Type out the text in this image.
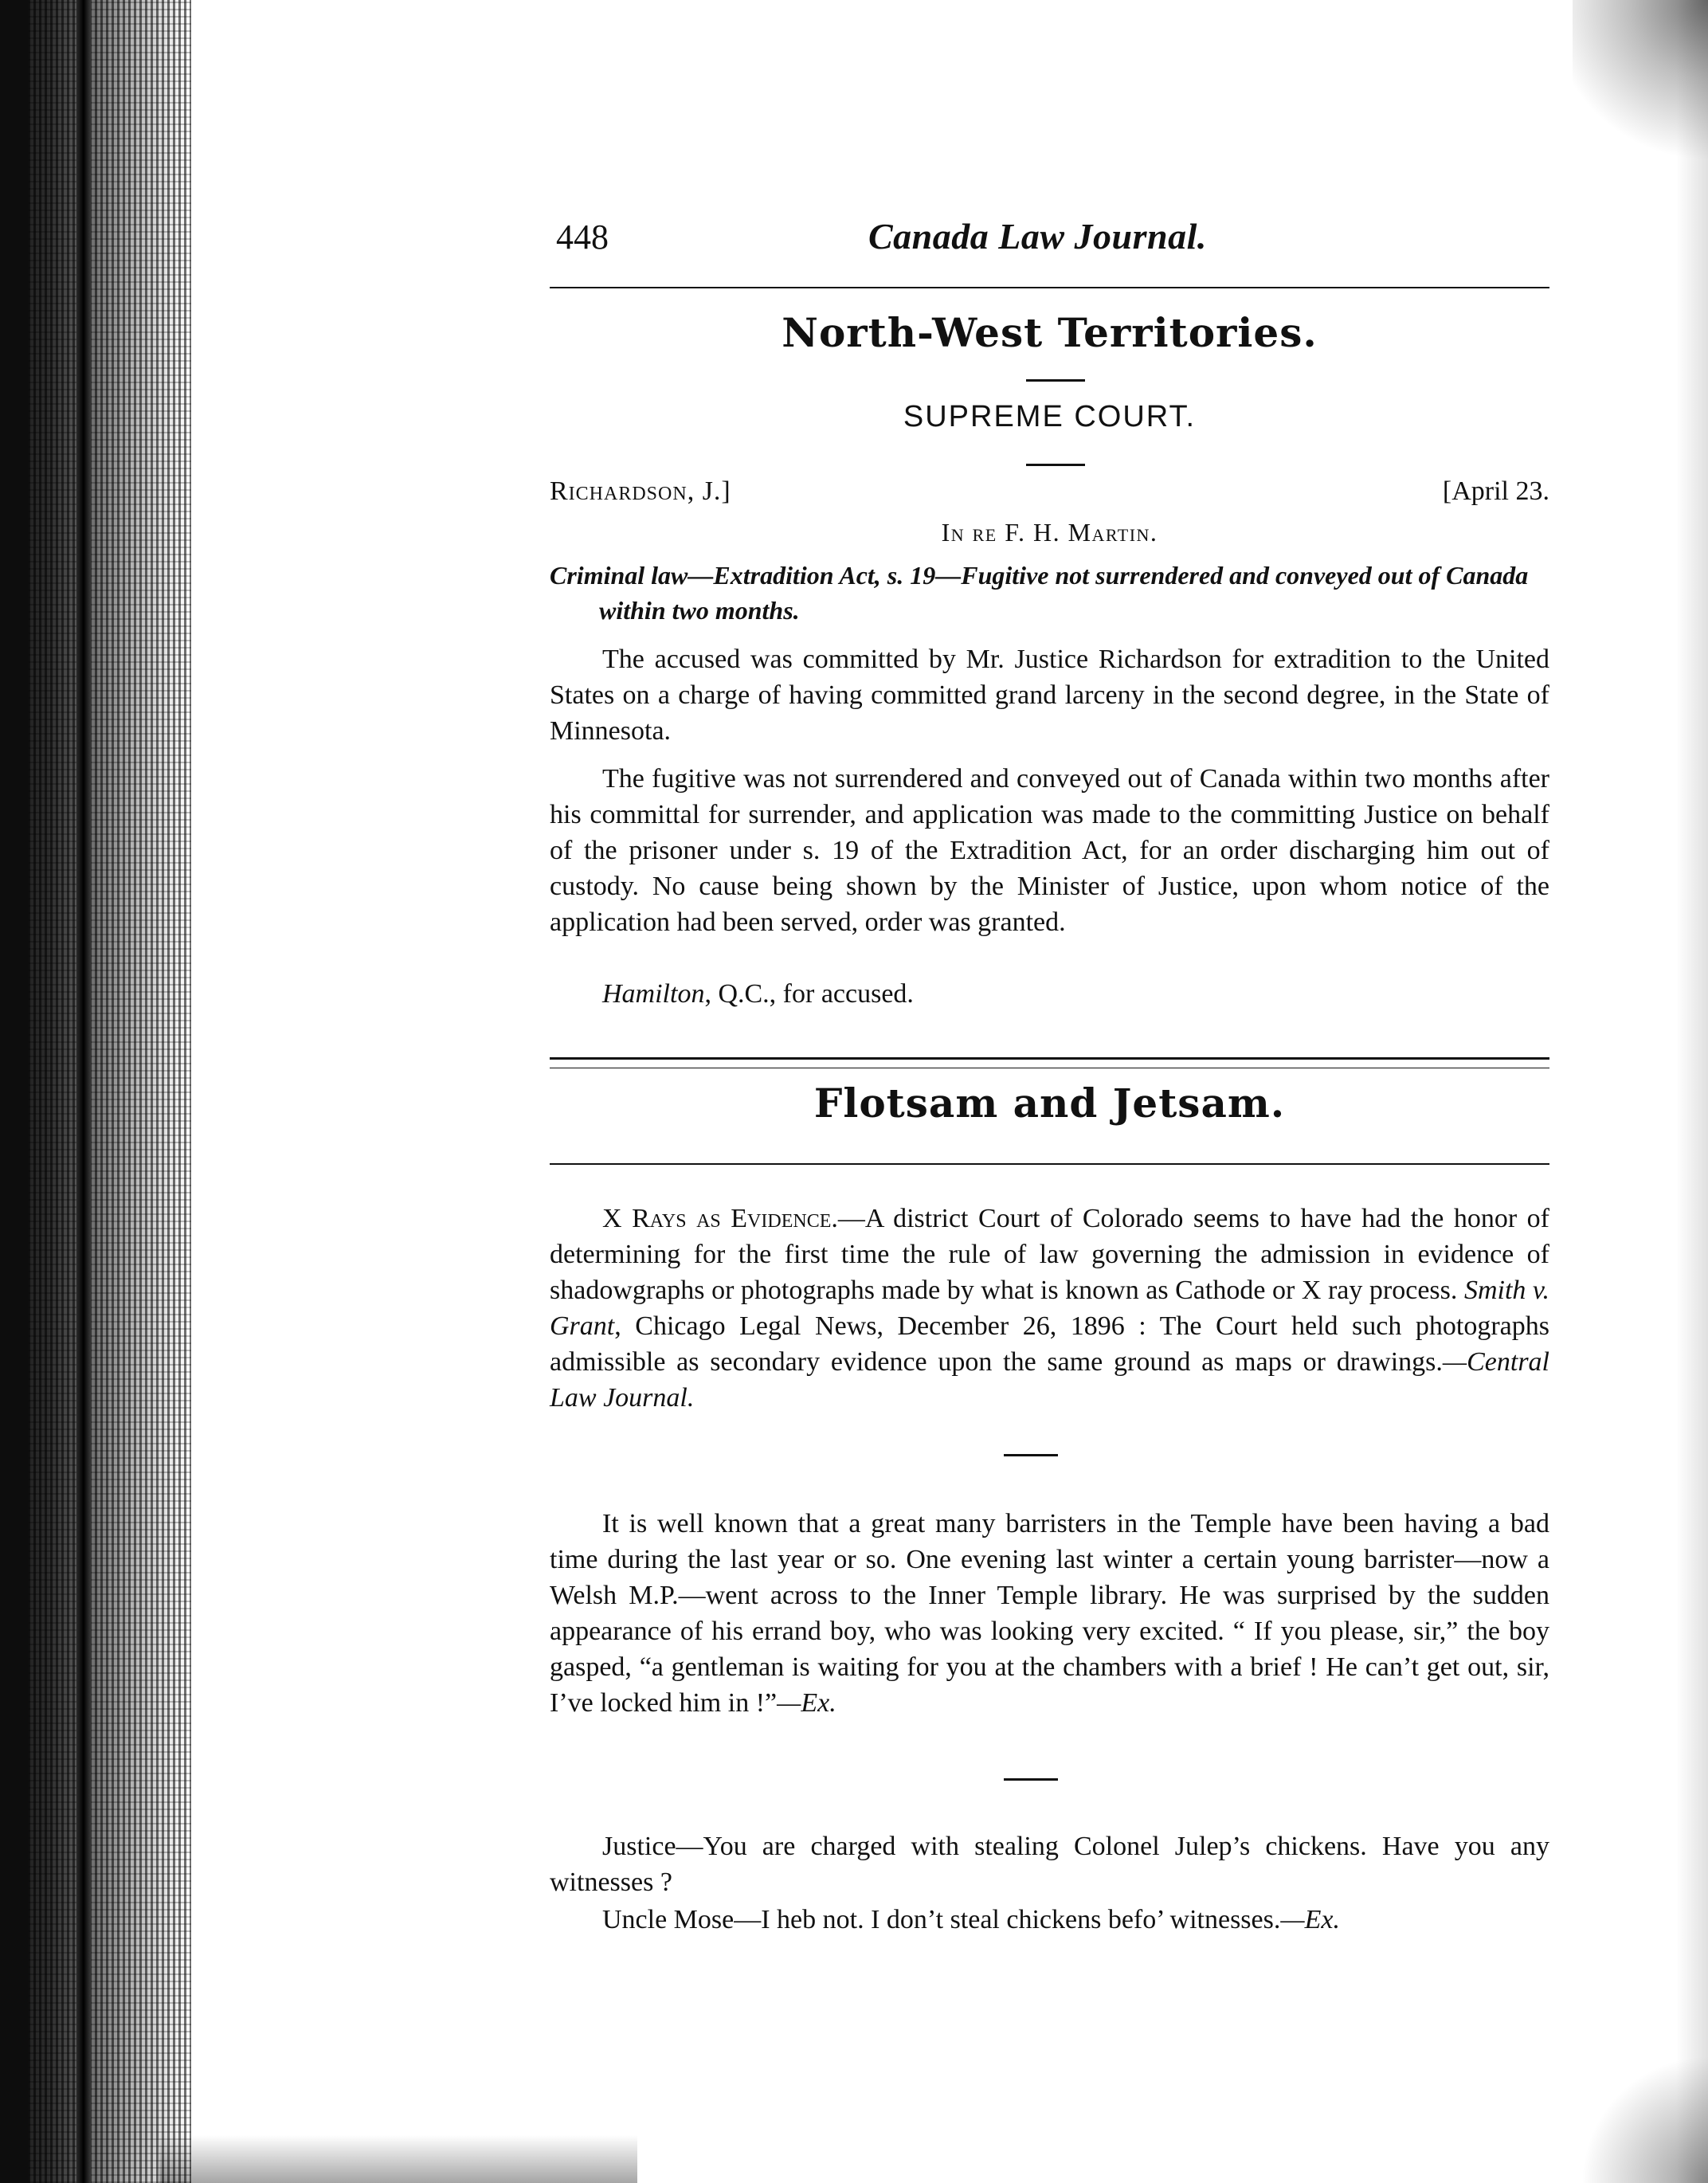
448	Canada Law Journal.
North-West Territories.
SUPREME COURT.
Richardson, J.]	[April 23.
In re F. H. Martin.
Criminal law—Extradition Act, s. 19—Fugitive not surrendered and conveyed out of Canada within two months.
The accused was committed by Mr. Justice Richardson for extradition to the United States on a charge of having committed grand larceny in the second degree, in the State of Minnesota.
The fugitive was not surrendered and conveyed out of Canada within two months after his committal for surrender, and application was made to the committing Justice on behalf of the prisoner under s. 19 of the Extradition Act, for an order discharging him out of custody. No cause being shown by the Minister of Justice, upon whom notice of the application had been served, order was granted.
Hamilton, Q.C., for accused.
Flotsam and Jetsam.
X Rays as Evidence.—A district Court of Colorado seems to have had the honor of determining for the first time the rule of law governing the admission in evidence of shadowgraphs or photographs made by what is known as Cathode or X ray process. Smith v. Grant, Chicago Legal News, December 26, 1896 : The Court held such photographs admissible as secondary evidence upon the same ground as maps or drawings.—Central Law Journal.
It is well known that a great many barristers in the Temple have been having a bad time during the last year or so. One evening last winter a certain young barrister—now a Welsh M.P.—went across to the Inner Temple library. He was surprised by the sudden appearance of his errand boy, who was looking very excited. “ If you please, sir,” the boy gasped, “a gentleman is waiting for you at the chambers with a brief ! He can’t get out, sir, I’ve locked him in !”—Ex.
Justice—You are charged with stealing Colonel Julep’s chickens. Have you any witnesses ?
Uncle Mose—I heb not. I don’t steal chickens befo’ witnesses.—Ex.
